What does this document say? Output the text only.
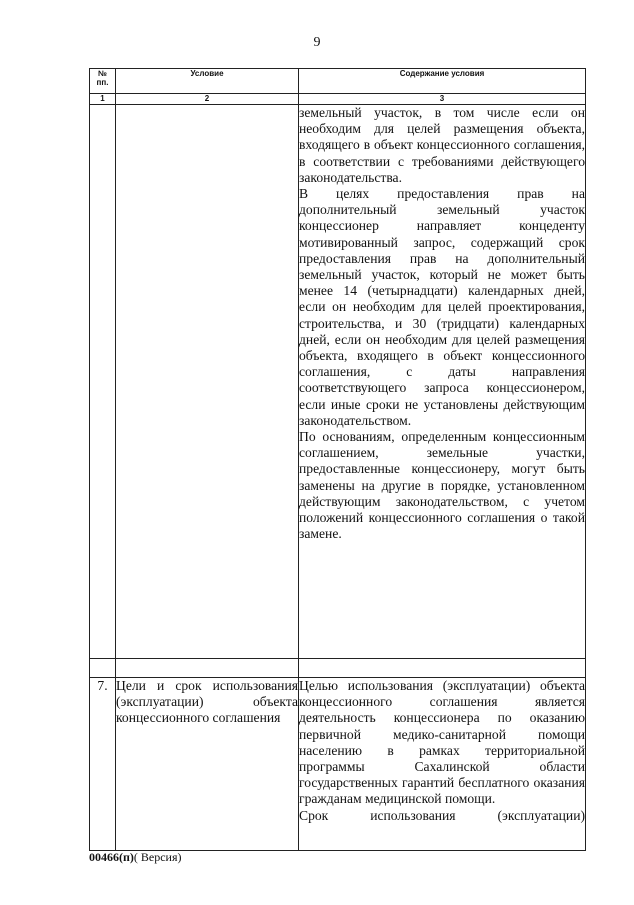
9
№
пп.	Условие	Содержание условия
1	2	3

		земельный участок, в том числе если он необходим для целей размещения объекта, входящего в объект концессионного соглашения, в соответствии с требованиями действующего законодательства.

В целях предоставления прав на дополнительный земельный участок концессионер направляет концеденту мотивированный запрос, содержащий срок предоставления прав на дополнительный земельный участок, который не может быть менее 14 (четырнадцати) календарных дней, если он необходим для целей проектирования, строительства, и 30 (тридцати) календарных дней, если он необходим для целей размещения объекта, входящего в объект концессионного соглашения, с даты направления соответствующего запроса концессионером, если иные сроки не установлены действующим законодательством.

По основаниям, определенным концессионным соглашением, земельные участки, предоставленные концессионеру, могут быть заменены на другие в порядке, установленном действующим законодательством, с учетом положений концессионного соглашения о такой замене.

7.	Цели и срок использования (эксплуатации) объекта концессионного соглашения	Целью использования (эксплуатации) объекта концессионного соглашения является деятельность концессионера по оказанию первичной медико-санитарной помощи населению в рамках территориальной программы Сахалинской области государственных гарантий бесплатного оказания гражданам медицинской помощи.

Срок использования (эксплуатации)

00466(п)( Версия)
